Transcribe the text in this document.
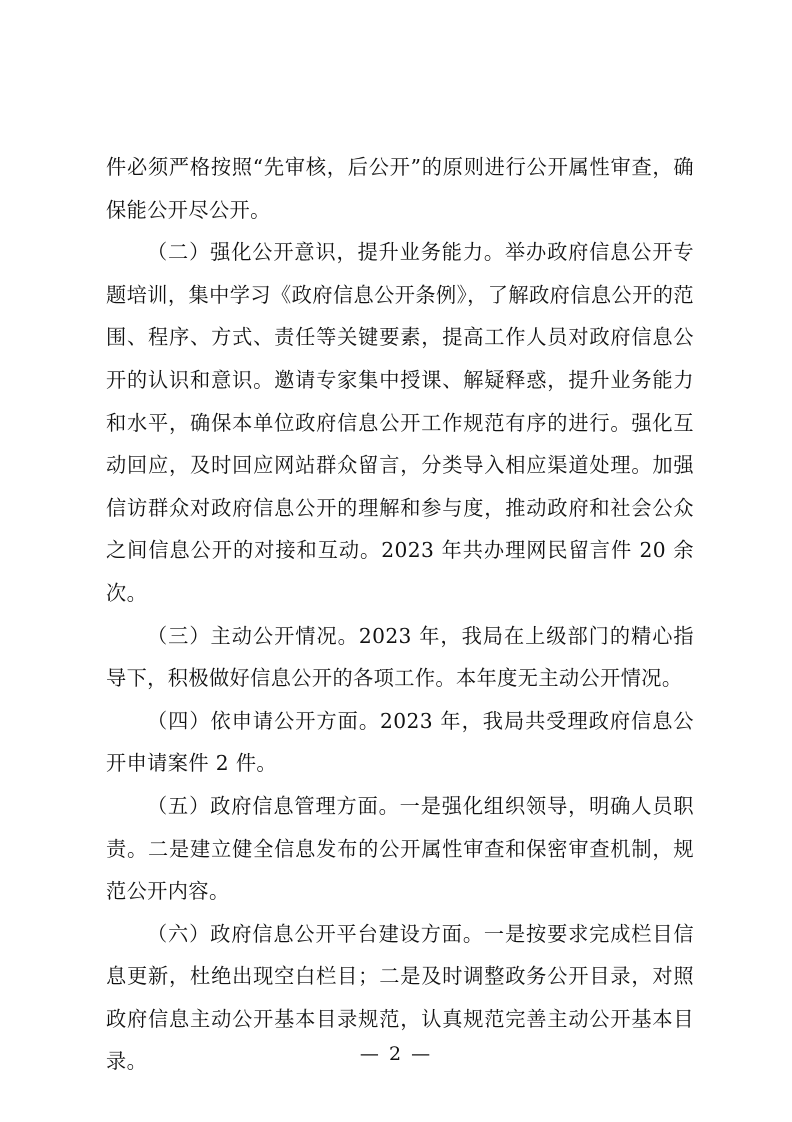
件必须严格按照“先审核，后公开”的原则进行公开属性审查，确保能公开尽公开。

（二）强化公开意识，提升业务能力。举办政府信息公开专题培训，集中学习《政府信息公开条例》，了解政府信息公开的范围、程序、方式、责任等关键要素，提高工作人员对政府信息公开的认识和意识。邀请专家集中授课、解疑释惑，提升业务能力和水平，确保本单位政府信息公开工作规范有序的进行。强化互动回应，及时回应网站群众留言，分类导入相应渠道处理。加强信访群众对政府信息公开的理解和参与度，推动政府和社会公众之间信息公开的对接和互动。2023 年共办理网民留言件 20 余次。

（三）主动公开情况。2023 年，我局在上级部门的精心指导下，积极做好信息公开的各项工作。本年度无主动公开情况。

（四）依申请公开方面。2023 年，我局共受理政府信息公开申请案件 2 件。

（五）政府信息管理方面。一是强化组织领导，明确人员职责。二是建立健全信息发布的公开属性审查和保密审查机制，规范公开内容。

（六）政府信息公开平台建设方面。一是按要求完成栏目信息更新，杜绝出现空白栏目；二是及时调整政务公开目录，对照政府信息主动公开基本目录规范，认真规范完善主动公开基本目录。	— 2 —
